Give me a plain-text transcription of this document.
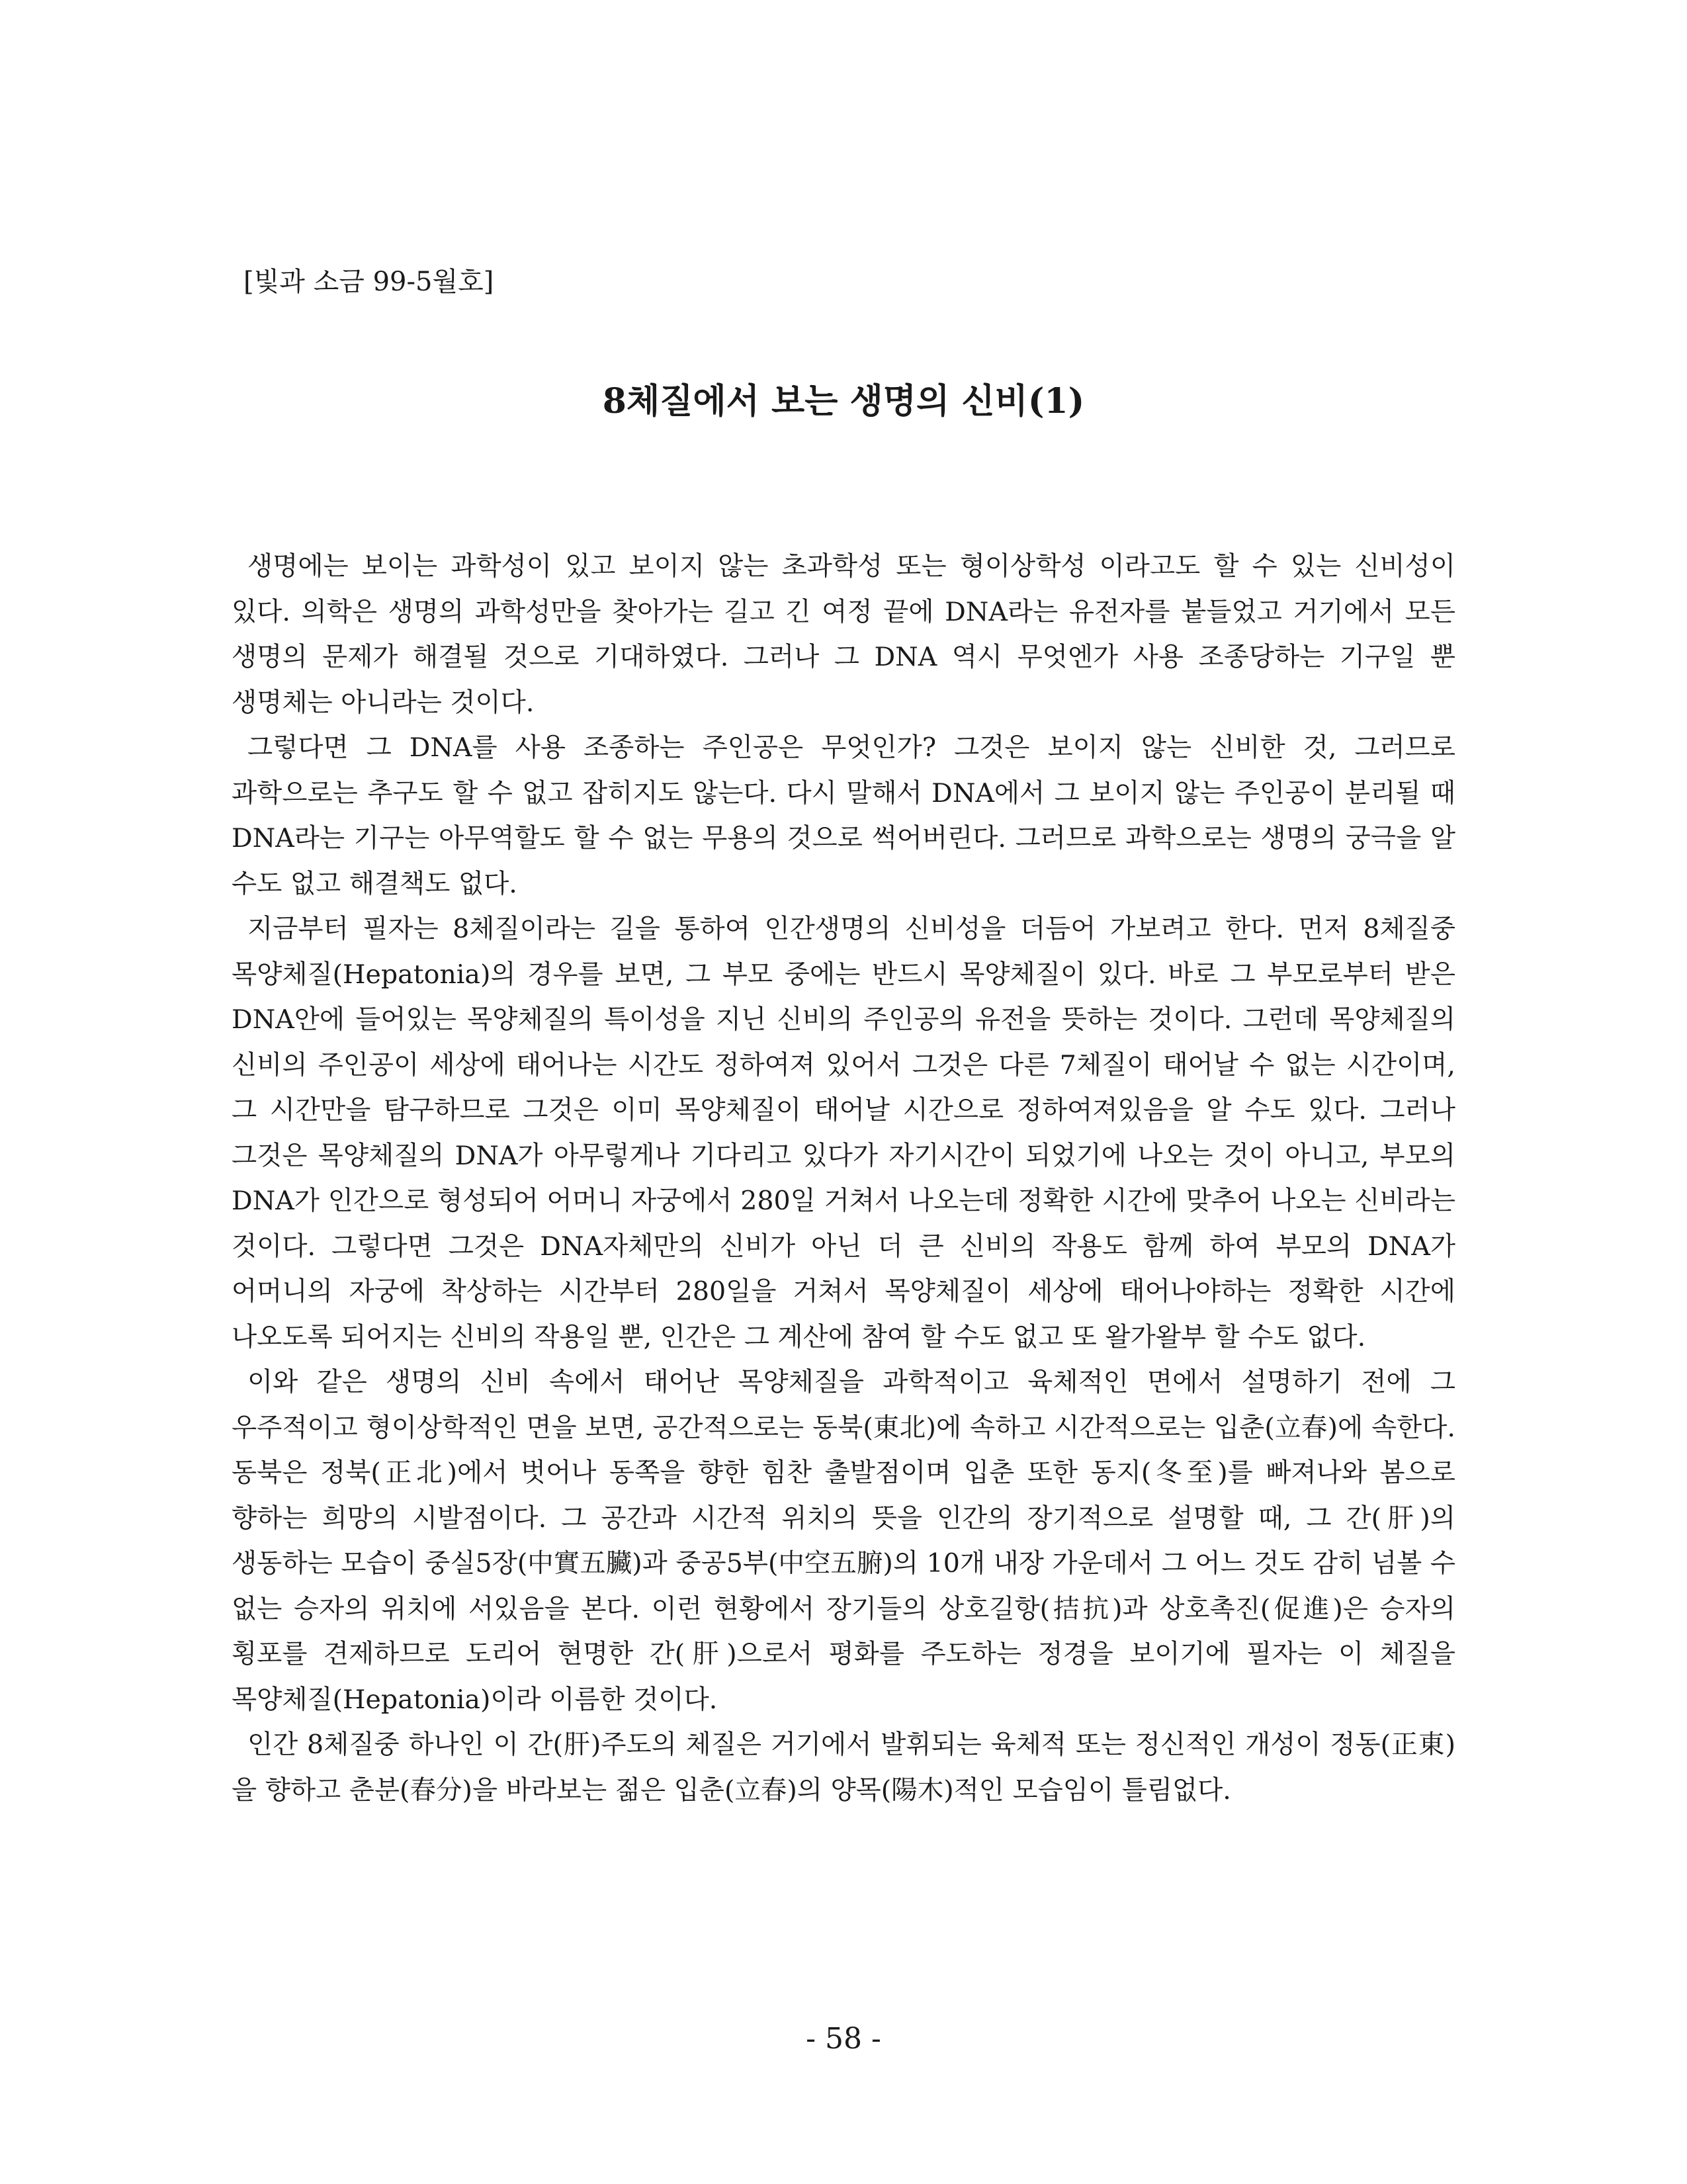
[빛과 소금 99-5월호]
8체질에서 보는 생명의 신비(1)

생명에는 보이는 과학성이 있고 보이지 않는 초과학성 또는 형이상학성 이라고도 할 수 있는 신비성이 있다. 의학은 생명의 과학성만을 찾아가는 길고 긴 여정 끝에 DNA라는 유전자를 붙들었고 거기에서 모든 생명의 문제가 해결될 것으로 기대하였다. 그러나 그 DNA 역시 무엇엔가 사용 조종당하는 기구일 뿐 생명체는 아니라는 것이다.

그렇다면 그 DNA를 사용 조종하는 주인공은 무엇인가? 그것은 보이지 않는 신비한 것, 그러므로 과학으로는 추구도 할 수 없고 잡히지도 않는다. 다시 말해서 DNA에서 그 보이지 않는 주인공이 분리될 때 DNA라는 기구는 아무역할도 할 수 없는 무용의 것으로 썩어버린다. 그러므로 과학으로는 생명의 궁극을 알 수도 없고 해결책도 없다.

지금부터 필자는 8체질이라는 길을 통하여 인간생명의 신비성을 더듬어 가보려고 한다. 먼저 8체질중 목양체질(Hepatonia)의 경우를 보면, 그 부모 중에는 반드시 목양체질이 있다. 바로 그 부모로부터 받은 DNA안에 들어있는 목양체질의 특이성을 지닌 신비의 주인공의 유전을 뜻하는 것이다. 그런데 목양체질의 신비의 주인공이 세상에 태어나는 시간도 정하여져 있어서 그것은 다른 7체질이 태어날 수 없는 시간이며, 그 시간만을 탐구하므로 그것은 이미 목양체질이 태어날 시간으로 정하여져있음을 알 수도 있다. 그러나 그것은 목양체질의 DNA가 아무렇게나 기다리고 있다가 자기시간이 되었기에 나오는 것이 아니고, 부모의 DNA가 인간으로 형성되어 어머니 자궁에서 280일 거쳐서 나오는데 정확한 시간에 맞추어 나오는 신비라는 것이다. 그렇다면 그것은 DNA자체만의 신비가 아닌 더 큰 신비의 작용도 함께 하여 부모의 DNA가 어머니의 자궁에 착상하는 시간부터 280일을 거쳐서 목양체질이 세상에 태어나야하는 정확한 시간에 나오도록 되어지는 신비의 작용일 뿐, 인간은 그 계산에 참여 할 수도 없고 또 왈가왈부 할 수도 없다.

이와 같은 생명의 신비 속에서 태어난 목양체질을 과학적이고 육체적인 면에서 설명하기 전에 그 우주적이고 형이상학적인 면을 보면, 공간적으로는 동북(東北)에 속하고 시간적으로는 입춘(立春)에 속한다. 동북은 정북(正北)에서 벗어나 동쪽을 향한 힘찬 출발점이며 입춘 또한 동지(冬至)를 빠져나와 봄으로 향하는 희망의 시발점이다. 그 공간과 시간적 위치의 뜻을 인간의 장기적으로 설명할 때, 그 간(肝)의 생동하는 모습이 중실5장(中實五臟)과 중공5부(中空五腑)의 10개 내장 가운데서 그 어느 것도 감히 넘볼 수 없는 승자의 위치에 서있음을 본다. 이런 현황에서 장기들의 상호길항(拮抗)과 상호촉진(促進)은 승자의 횡포를 견제하므로 도리어 현명한 간(肝)으로서 평화를 주도하는 정경을 보이기에 필자는 이 체질을 목양체질(Hepatonia)이라 이름한 것이다.

인간 8체질중 하나인 이 간(肝)주도의 체질은 거기에서 발휘되는 육체적 또는 정신적인 개성이 정동(正東)을 향하고 춘분(春分)을 바라보는 젊은 입춘(立春)의 양목(陽木)적인 모습임이 틀림없다.

- 58 -
